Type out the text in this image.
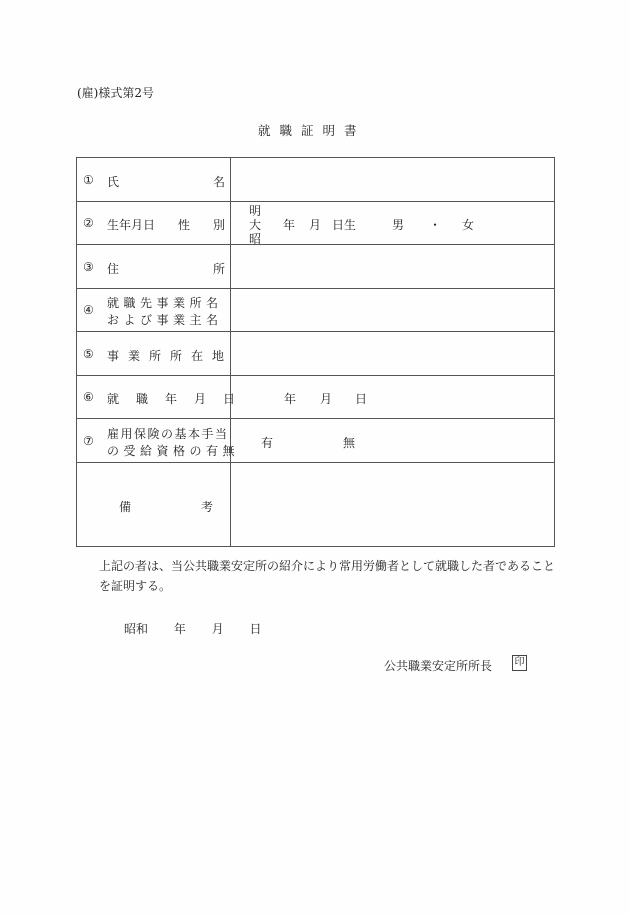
(雇)様式第2号
就職証明書
① 氏	名
② 生年月日 性 別
明
大
昭
年 月 日生	男 ・ 女
③ 住	所
④ 就職先事業所名
および事業主名
⑤ 事業所所在地
⑥ 就職年月日	年 月 日
⑦ 雇用保険の基本手当
の受給資格の有無
有	無
備	考
上記の者は、当公共職業安定所の紹介により常用労働者として就職した者であることを証明する。
昭和 年 月 日
公共職業安定所所長 印
